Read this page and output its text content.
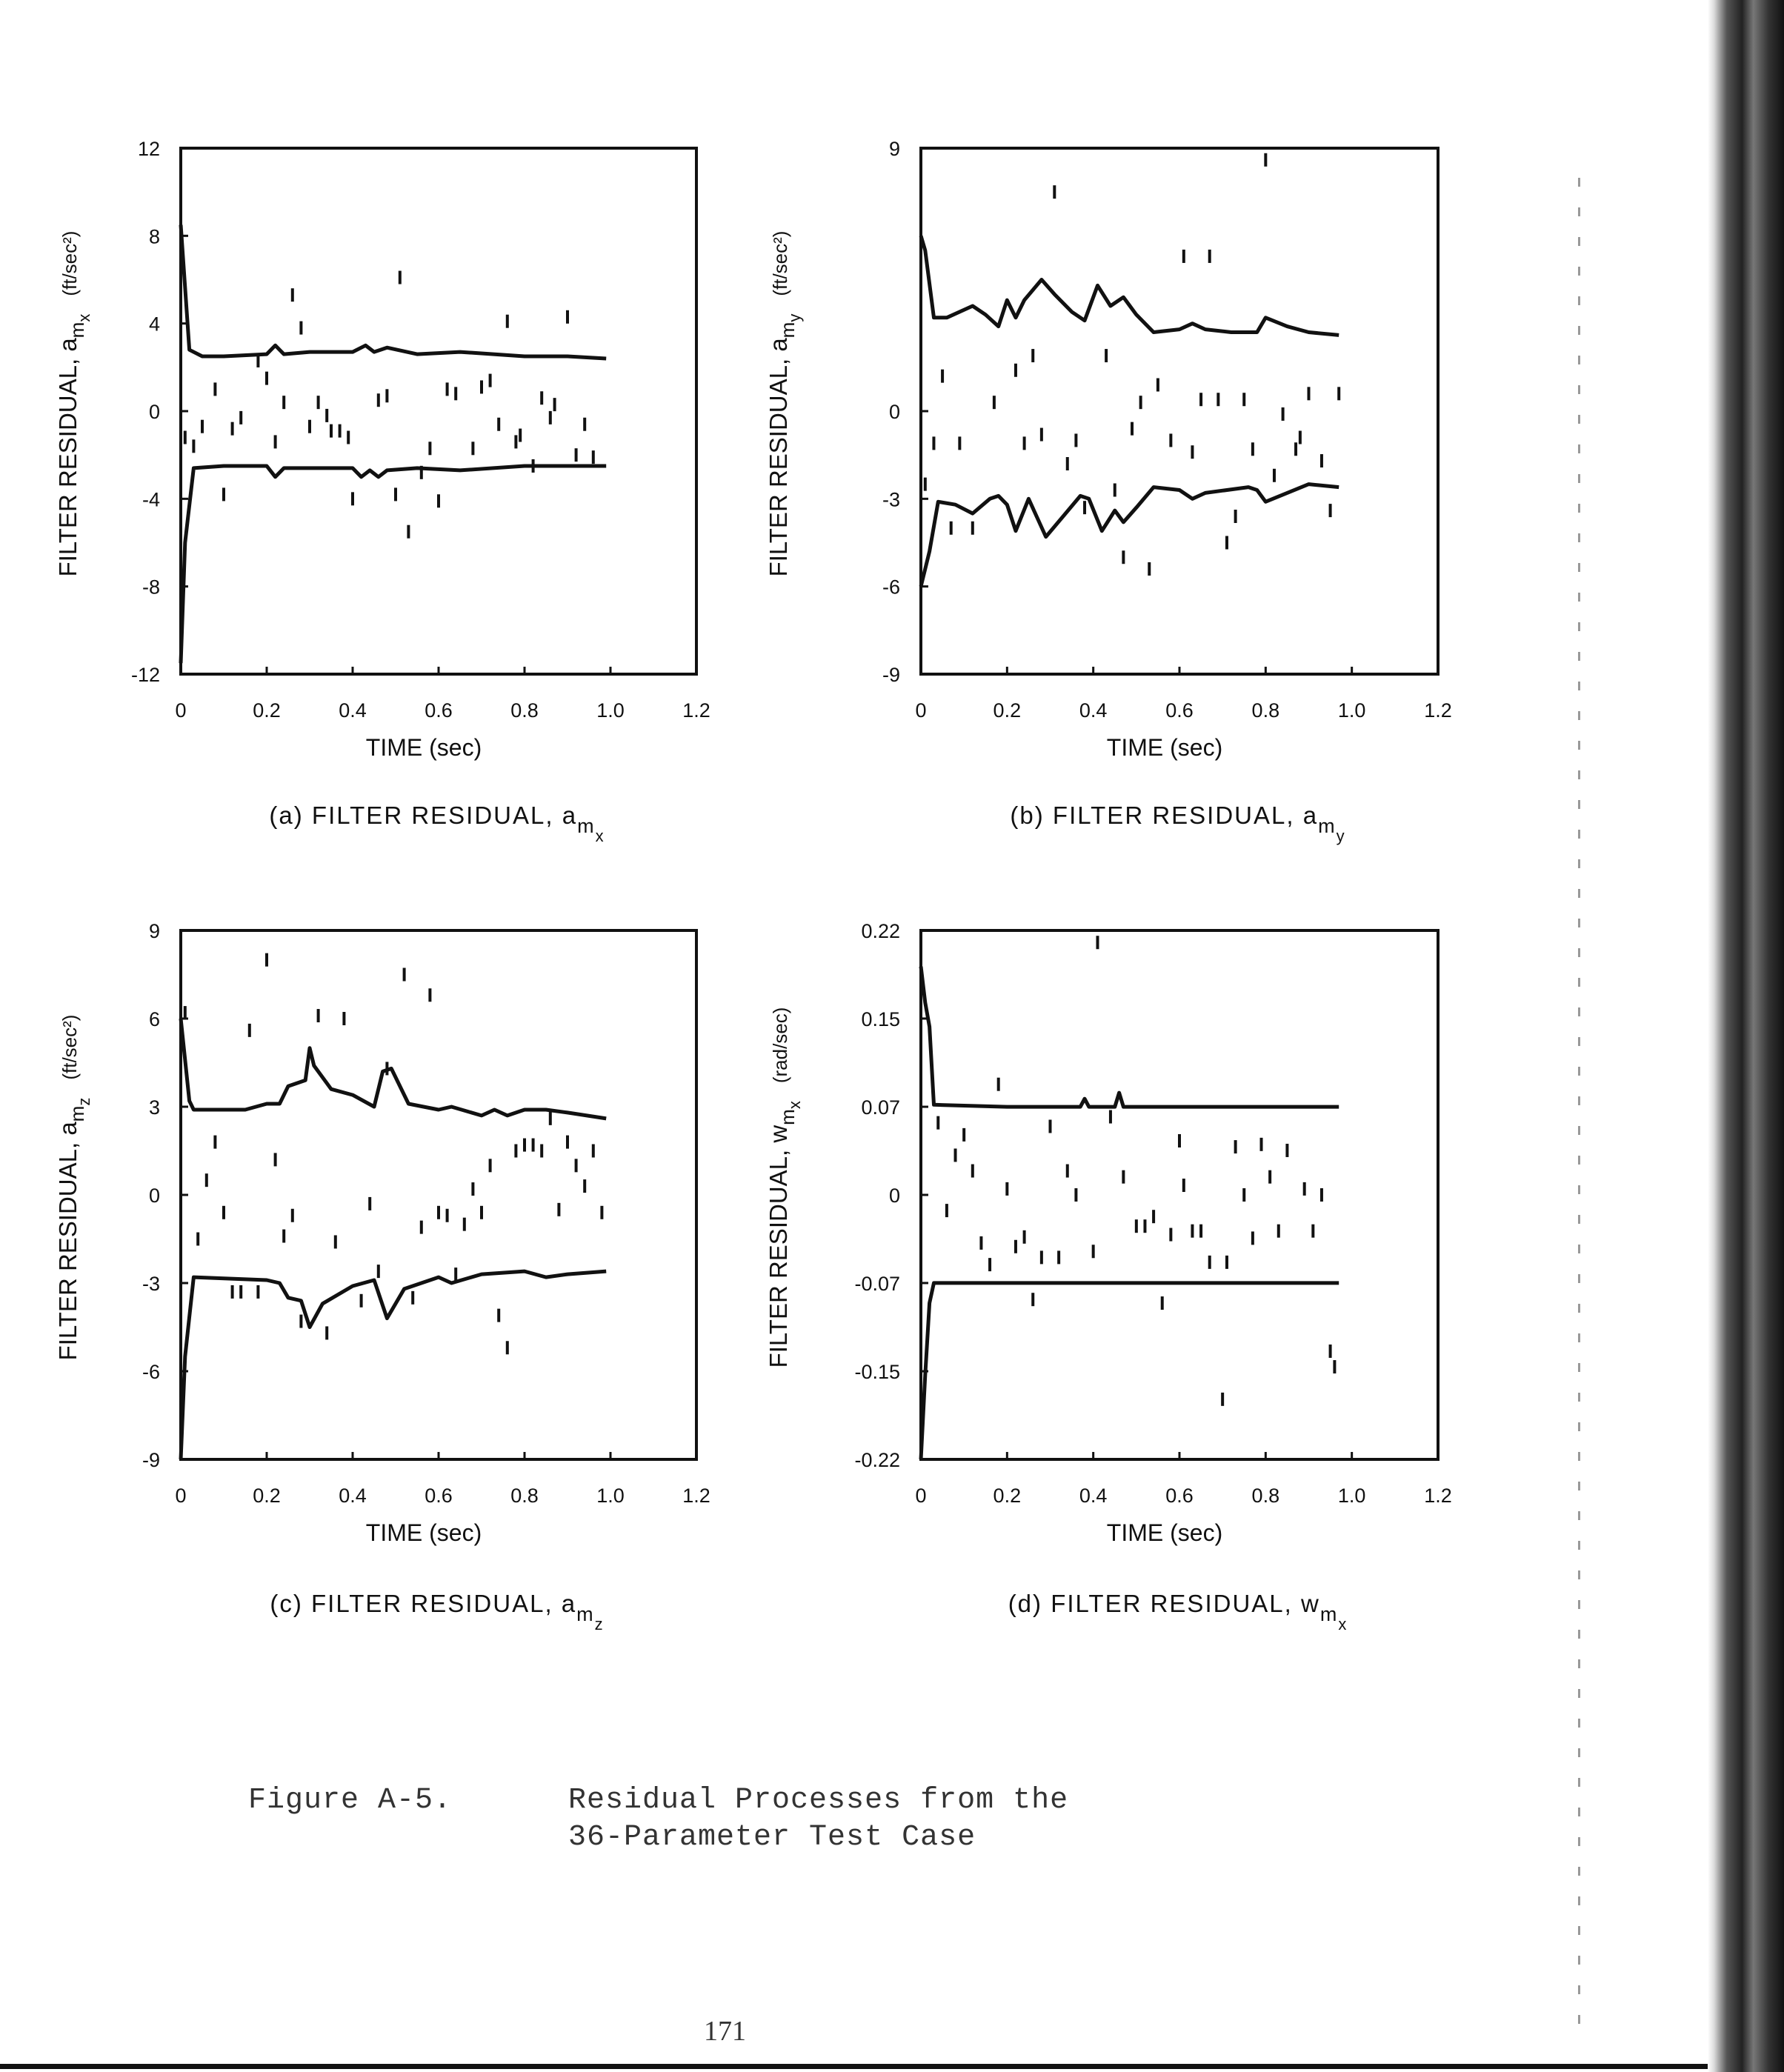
0	0.2	0.4	0.6	0.8	1.0	1.2
12
8
4
0
-4
-8
-12
TIME (sec)
FILTER RESIDUAL, $a_{mx}^{(ft/sec^2)}$
(a) FILTER RESIDUAL, $a_{mx}$
0	0.2	0.4	0.6	0.8	1.0	1.2
9
0
-3
-6
-9
TIME (sec)
FILTER RESIDUAL, $a_{my}^{(ft/sec^2)}$
(b) FILTER RESIDUAL, $a_{my}$
0	0.2	0.4	0.6	0.8	1.0	1.2
9
6
3
0
-3
-6
-9
TIME (sec)
FILTER RESIDUAL, $a_{mz}^{(ft/sec^2)}$
(c) FILTER RESIDUAL, $a_{mz}$
0	0.2	0.4	0.6	0.8	1.0	1.2
0.22
0.15
0.07
0
-0.07
-0.15
-0.22
TIME (sec)
FILTER RESIDUAL, $w_{mx}^{(rad/sec)}$
(d) FILTER RESIDUAL, $w_{mx}$
Figure A-5.	Residual Processes from the
36-Parameter Test Case
171
